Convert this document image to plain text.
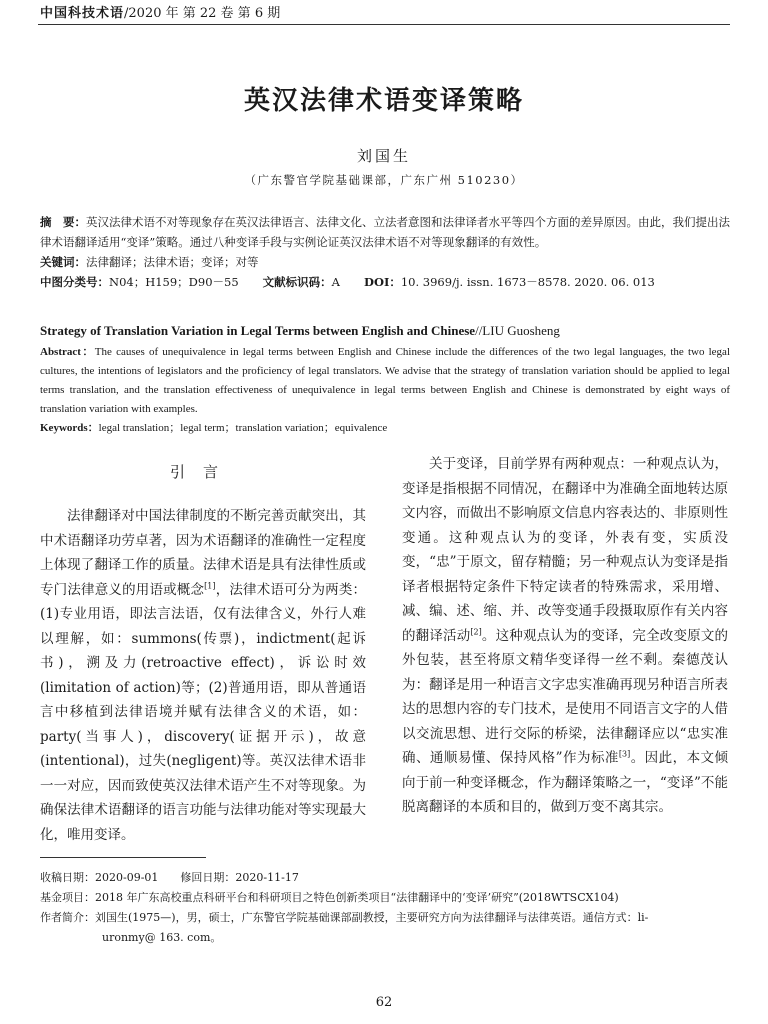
中国科技术语/2020 年 第 22 卷 第 6 期
英汉法律术语变译策略
刘国生
（广东警官学院基础课部，广东广州 510230）

摘　要：英汉法律术语不对等现象存在英汉法律语言、法律文化、立法者意图和法律译者水平等四个方面的差异原因。由此，我们提出法律术语翻译适用“变译”策略。通过八种变译手段与实例论证英汉法律术语不对等现象翻译的有效性。

关键词：法律翻译；法律术语；变译；对等

中图分类号：N04；H159；D90－55 文献标识码：A DOI：10. 3969/j. issn. 1673－8578. 2020. 06. 013

Strategy of Translation Variation in Legal Terms between English and Chinese//LIU Guosheng

Abstract：The causes of unequivalence in legal terms between English and Chinese include the differences of the two legal languages, the two legal cultures, the intentions of legislators and the proficiency of legal translators. We advise that the strategy of translation variation should be applied to legal terms translation, and the translation effectiveness of unequivalence in legal terms between English and Chinese is demonstrated by eight ways of translation variation with examples.

Keywords：legal translation；legal term；translation variation；equivalence

引言

法律翻译对中国法律制度的不断完善贡献突出，其中术语翻译功劳卓著，因为术语翻译的准确性一定程度上体现了翻译工作的质量。法律术语是具有法律性质或专门法律意义的用语或概念[1]，法律术语可分为两类：(1)专业用语，即法言法语，仅有法律含义，外行人难以理解，如：summons(传票)，indictment(起诉书)，溯及力(retroactive effect)，诉讼时效(limitation of action)等；(2)普通用语，即从普通语言中移植到法律语境并赋有法律含义的术语，如：party(当事人)，discovery(证据开示)，故意(intentional)，过失(negligent)等。英汉法律术语非一一对应，因而致使英汉法律术语产生不对等现象。为确保法律术语翻译的语言功能与法律功能对等实现最大化，唯用变译。

关于变译，目前学界有两种观点：一种观点认为，变译是指根据不同情况，在翻译中为准确全面地转达原文内容，而做出不影响原文信息内容表达的、非原则性变通。这种观点认为的变译，外表有变，实质没变，“忠”于原文，留存精髓；另一种观点认为变译是指译者根据特定条件下特定读者的特殊需求，采用增、减、编、述、缩、并、改等变通手段摄取原作有关内容的翻译活动[2]。这种观点认为的变译，完全改变原文的外包装，甚至将原文精华变译得一丝不剩。秦德茂认为：翻译是用一种语言文字忠实准确再现另种语言所表达的思想内容的专门技术，是使用不同语言文字的人借以交流思想、进行交际的桥梁，法律翻译应以“忠实准确、通顺易懂、保持风格”作为标准[3]。因此，本文倾向于前一种变译概念，作为翻译策略之一，“变译”不能脱离翻译的本质和目的，做到万变不离其宗。

收稿日期：2020-09-01　　修回日期：2020-11-17

基金项目：2018 年广东高校重点科研平台和科研项目之特色创新类项目“法律翻译中的‘变译’研究”(2018WTSCX104)

作者简介：刘国生(1975—)，男，硕士，广东警官学院基础课部副教授，主要研究方向为法律翻译与法律英语。通信方式：li-

uronmy@ 163. com。

62
